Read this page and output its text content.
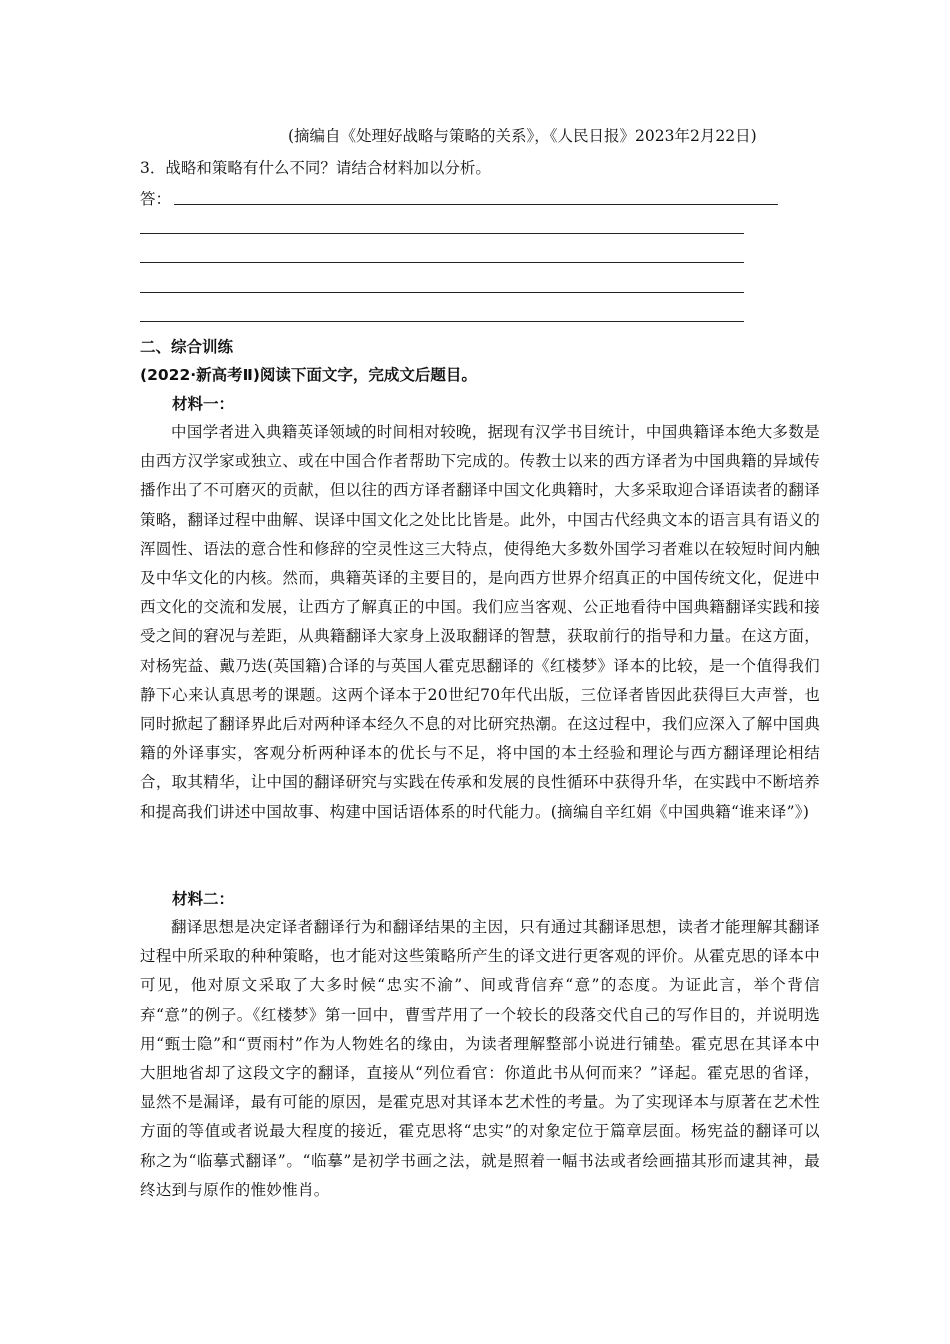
(摘编自《处理好战略与策略的关系》，《人民日报》2023年2月22日)
3．战略和策略有什么不同？请结合材料加以分析。
答：
二、综合训练
(2022·新高考Ⅱ)阅读下面文字，完成文后题目。
材料一：
中国学者进入典籍英译领域的时间相对较晚，据现有汉学书目统计，中国典籍译本绝大多数是由西方汉学家或独立、或在中国合作者帮助下完成的。传教士以来的西方译者为中国典籍的异域传播作出了不可磨灭的贡献，但以往的西方译者翻译中国文化典籍时，大多采取迎合译语读者的翻译策略，翻译过程中曲解、误译中国文化之处比比皆是。此外，中国古代经典文本的语言具有语义的浑圆性、语法的意合性和修辞的空灵性这三大特点，使得绝大多数外国学习者难以在较短时间内触及中华文化的内核。然而，典籍英译的主要目的，是向西方世界介绍真正的中国传统文化，促进中西文化的交流和发展，让西方了解真正的中国。我们应当客观、公正地看待中国典籍翻译实践和接受之间的窘况与差距，从典籍翻译大家身上汲取翻译的智慧，获取前行的指导和力量。在这方面，对杨宪益、戴乃迭(英国籍)合译的与英国人霍克思翻译的《红楼梦》译本的比较，是一个值得我们静下心来认真思考的课题。这两个译本于20世纪70年代出版，三位译者皆因此获得巨大声誉，也同时掀起了翻译界此后对两种译本经久不息的对比研究热潮。在这过程中，我们应深入了解中国典籍的外译事实，客观分析两种译本的优长与不足，将中国的本土经验和理论与西方翻译理论相结合，取其精华，让中国的翻译研究与实践在传承和发展的良性循环中获得升华，在实践中不断培养和提高我们讲述中国故事、构建中国话语体系的时代能力。(摘编自辛红娟《中国典籍“谁来译”》)
材料二：
翻译思想是决定译者翻译行为和翻译结果的主因，只有通过其翻译思想，读者才能理解其翻译过程中所采取的种种策略，也才能对这些策略所产生的译文进行更客观的评价。从霍克思的译本中可见，他对原文采取了大多时候“忠实不渝”、间或背信弃“意”的态度。为证此言，举个背信弃“意”的例子。《红楼梦》第一回中，曹雪芹用了一个较长的段落交代自己的写作目的，并说明选用“甄士隐”和“贾雨村”作为人物姓名的缘由，为读者理解整部小说进行铺垫。霍克思在其译本中大胆地省却了这段文字的翻译，直接从“列位看官：你道此书从何而来？”译起。霍克思的省译，显然不是漏译，最有可能的原因，是霍克思对其译本艺术性的考量。为了实现译本与原著在艺术性方面的等值或者说最大程度的接近，霍克思将“忠实”的对象定位于篇章层面。杨宪益的翻译可以称之为“临摹式翻译”。“临摹”是初学书画之法，就是照着一幅书法或者绘画描其形而逮其神，最终达到与原作的惟妙惟肖。
